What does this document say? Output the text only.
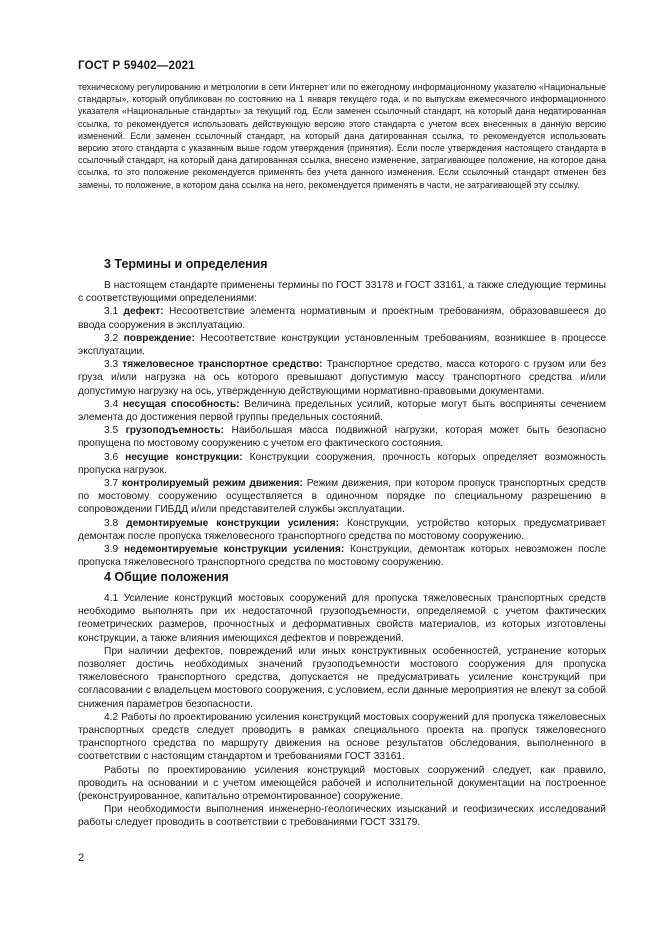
ГОСТ Р 59402—2021
техническому регулированию и метрологии в сети Интернет или по ежегодному информационному указателю «Национальные стандарты», который опубликован по состоянию на 1 января текущего года, и по выпускам ежемесячного информационного указателя «Национальные стандарты» за текущий год. Если заменен ссылочный стандарт, на который дана недатированная ссылка, то рекомендуется использовать действующую версию этого стандарта с учетом всех внесенных в данную версию изменений. Если заменен ссылочный стандарт, на который дана датированная ссылка, то рекомендуется использовать версию этого стандарта с указанным выше годом утверждения (принятия). Если после утверждения настоящего стандарта в ссылочный стандарт, на который дана датированная ссылка, внесено изменение, затрагивающее положение, на которое дана ссылка, то это положение рекомендуется применять без учета данного изменения. Если ссылочный стандарт отменен без замены, то положение, в котором дана ссылка на него, рекомендуется применять в части, не затрагивающей эту ссылку.
3 Термины и определения

В настоящем стандарте применены термины по ГОСТ 33178 и ГОСТ 33161, а также следующие термины с соответствующими определениями:

3.1 дефект: Несоответствие элемента нормативным и проектным требованиям, образовавшееся до ввода сооружения в эксплуатацию.

3.2 повреждение: Несоответствие конструкции установленным требованиям, возникшее в процессе эксплуатации.

3.3 тяжеловесное транспортное средство: Транспортное средство, масса которого с грузом или без груза и/или нагрузка на ось которого превышают допустимую массу транспортного средства и/или допустимую нагрузку на ось, утвержденную действующими нормативно-правовыми документами.

3.4 несущая способность: Величина предельных усилий, которые могут быть восприняты сечением элемента до достижения первой группы предельных состояний.

3.5 грузоподъемность: Наибольшая масса подвижной нагрузки, которая может быть безопасно пропущена по мостовому сооружению с учетом его фактического состояния.

3.6 несущие конструкции: Конструкции сооружения, прочность которых определяет возможность пропуска нагрузок.

3.7 контролируемый режим движения: Режим движения, при котором пропуск транспортных средств по мостовому сооружению осуществляется в одиночном порядке по специальному разрешению в сопровождении ГИБДД и/или представителей службы эксплуатации.

3.8 демонтируемые конструкции усиления: Конструкции, устройство которых предусматривает демонтаж после пропуска тяжеловесного транспортного средства по мостовому сооружению.

3.9 недемонтируемые конструкции усиления: Конструкции, демонтаж которых невозможен после пропуска тяжеловесного транспортного средства по мостовому сооружению.

4 Общие положения

4.1 Усиление конструкций мостовых сооружений для пропуска тяжеловесных транспортных средств необходимо выполнять при их недостаточной грузоподъемности, определяемой с учетом фактических геометрических размеров, прочностных и деформативных свойств материалов, из которых изготовлены конструкции, а также влияния имеющихся дефектов и повреждений.

При наличии дефектов, повреждений или иных конструктивных особенностей, устранение которых позволяет достичь необходимых значений грузоподъемности мостового сооружения для пропуска тяжеловесного транспортного средства, допускается не предусматривать усиление конструкций при согласовании с владельцем мостового сооружения, с условием, если данные мероприятия не влекут за собой снижения параметров безопасности.

4.2 Работы по проектированию усиления конструкций мостовых сооружений для пропуска тяжеловесных транспортных средств следует проводить в рамках специального проекта на пропуск тяжеловесного транспортного средства по маршруту движения на основе результатов обследования, выполненного в соответствии с настоящим стандартом и требованиями ГОСТ 33161.

Работы по проектированию усиления конструкций мостовых сооружений следует, как правило, проводить на основании и с учетом имеющейся рабочей и исполнительной документации на построенное (реконструированное, капитально отремонтированное) сооружение.

При необходимости выполнения инженерно-геологических изысканий и геофизических исследований работы следует проводить в соответствии с требованиями ГОСТ 33179.

2
